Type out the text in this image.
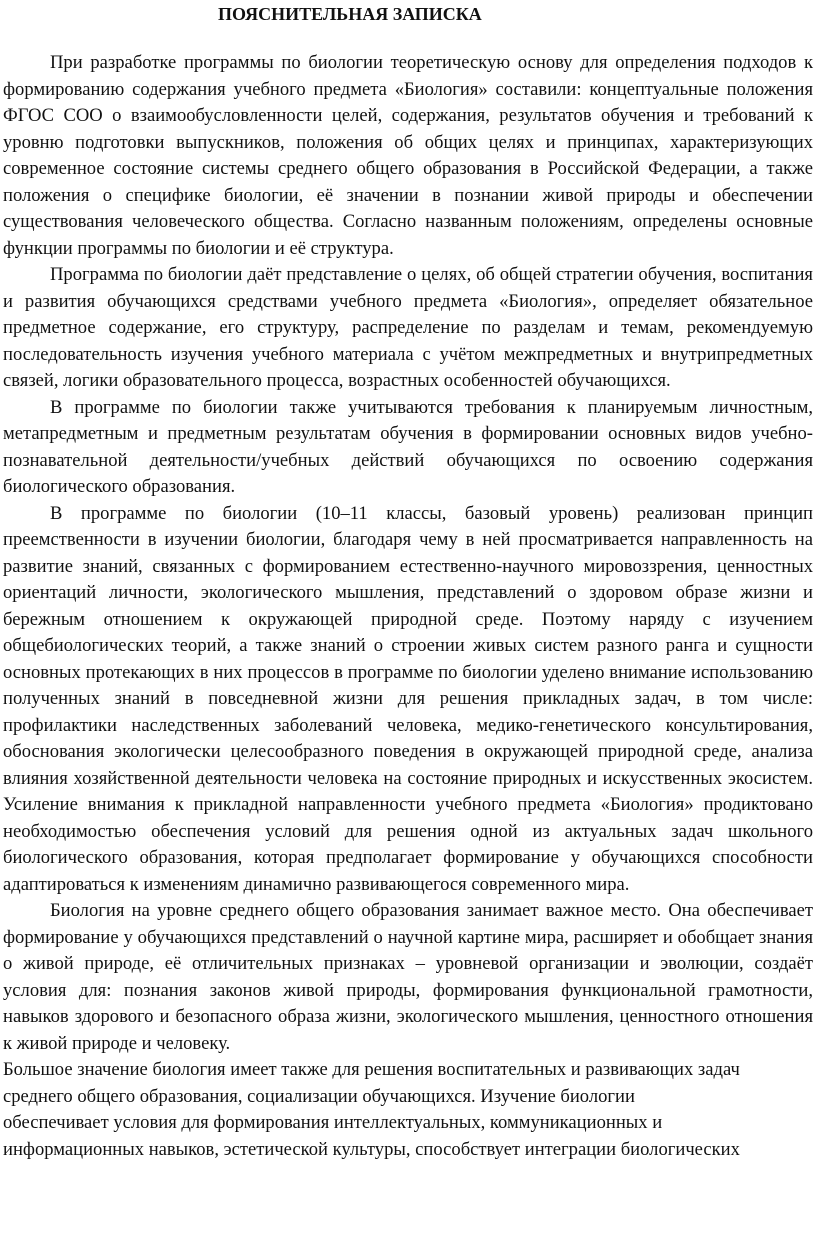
ПОЯСНИТЕЛЬНАЯ ЗАПИСКА

При разработке программы по биологии теоретическую основу для определения подходов к формированию содержания учебного предмета «Биология» составили: концептуальные положения ФГОС СОО о взаимообусловленности целей, содержания, результатов обучения и требований к уровню подготовки выпускников, положения об общих целях и принципах, характеризующих современное состояние системы среднего общего образования в Российской Федерации, а также положения о специфике биологии, её значении в познании живой природы и обеспечении существования человеческого общества. Согласно названным положениям, определены основные функции программы по биологии и её структура.

Программа по биологии даёт представление о целях, об общей стратегии обучения, воспитания и развития обучающихся средствами учебного предмета «Биология», определяет обязательное предметное содержание, его структуру, распределение по разделам и темам, рекомендуемую последовательность изучения учебного материала с учётом межпредметных и внутрипредметных связей, логики образовательного процесса, возрастных особенностей обучающихся.

В программе по биологии также учитываются требования к планируемым личностным, метапредметным и предметным результатам обучения в формировании основных видов учебно-познавательной деятельности/учебных действий обучающихся по освоению содержания биологического образования.

В программе по биологии (10–11 классы, базовый уровень) реализован принцип преемственности в изучении биологии, благодаря чему в ней просматривается направленность на развитие знаний, связанных с формированием естественно-научного мировоззрения, ценностных ориентаций личности, экологического мышления, представлений о здоровом образе жизни и бережным отношением к окружающей природной среде. Поэтому наряду с изучением общебиологических теорий, а также знаний о строении живых систем разного ранга и сущности основных протекающих в них процессов в программе по биологии уделено внимание использованию полученных знаний в повседневной жизни для решения прикладных задач, в том числе: профилактики наследственных заболеваний человека, медико-генетического консультирования, обоснования экологически целесообразного поведения в окружающей природной среде, анализа влияния хозяйственной деятельности человека на состояние природных и искусственных экосистем. Усиление внимания к прикладной направленности учебного предмета «Биология» продиктовано необходимостью обеспечения условий для решения одной из актуальных задач школьного биологического образования, которая предполагает формирование у обучающихся способности адаптироваться к изменениям динамично развивающегося современного мира.

Биология на уровне среднего общего образования занимает важное место. Она обеспечивает формирование у обучающихся представлений о научной картине мира, расширяет и обобщает знания о живой природе, её отличительных признаках – уровневой организации и эволюции, создаёт условия для: познания законов живой природы, формирования функциональной грамотности, навыков здорового и безопасного образа жизни, экологического мышления, ценностного отношения к живой природе и человеку.

Большое значение биология имеет также для решения воспитательных и развивающих задач
среднего общего образования, социализации обучающихся. Изучение биологии
обеспечивает условия для формирования интеллектуальных, коммуникационных и
информационных навыков, эстетической культуры, способствует интеграции биологических
